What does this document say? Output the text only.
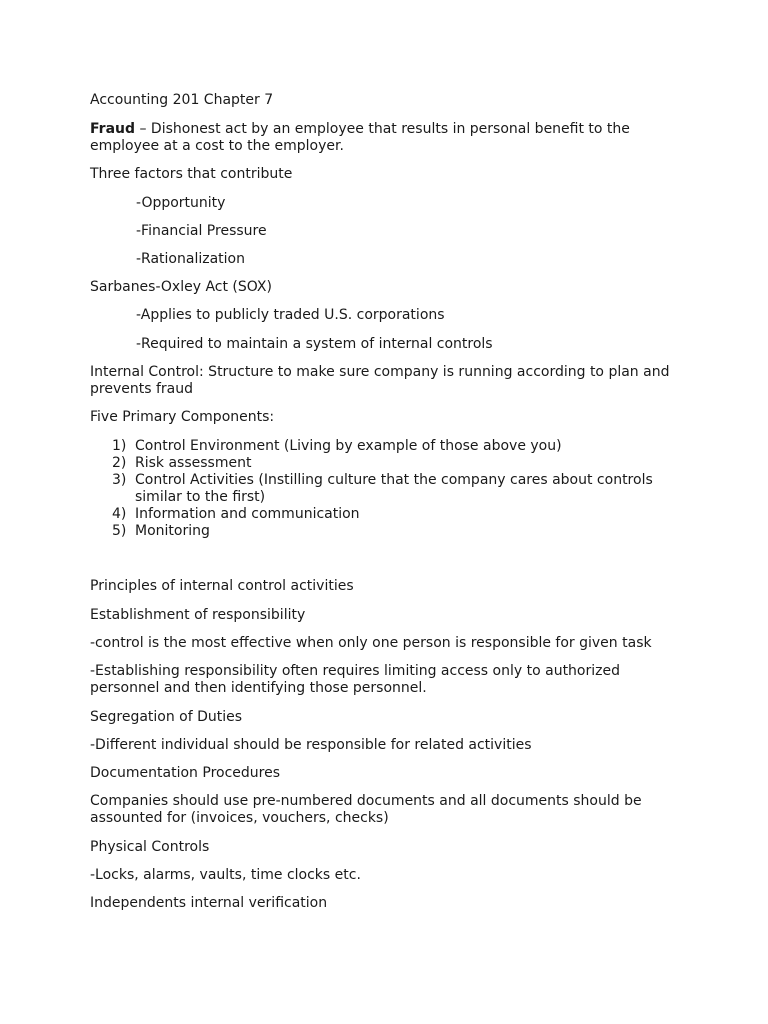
Accounting 201 Chapter 7

Fraud – Dishonest act by an employee that results in personal benefit to the employee at a cost to the employer.

Three factors that contribute

-Opportunity

-Financial Pressure

-Rationalization

Sarbanes-Oxley Act (SOX)

-Applies to publicly traded U.S. corporations

-Required to maintain a system of internal controls

Internal Control: Structure to make sure company is running according to plan and prevents fraud

Five Primary Components:

1) Control Environment (Living by example of those above you)
2) Risk assessment
3) Control Activities (Instilling culture that the company cares about controls similar to the first)
4) Information and communication
5) Monitoring

Principles of internal control activities

Establishment of responsibility

-control is the most effective when only one person is responsible for given task

-Establishing responsibility often requires limiting access only to authorized personnel and then identifying those personnel.

Segregation of Duties

-Different individual should be responsible for related activities

Documentation Procedures

Companies should use pre-numbered documents and all documents should be assounted for (invoices, vouchers, checks)

Physical Controls

-Locks, alarms, vaults, time clocks etc.

Independents internal verification
